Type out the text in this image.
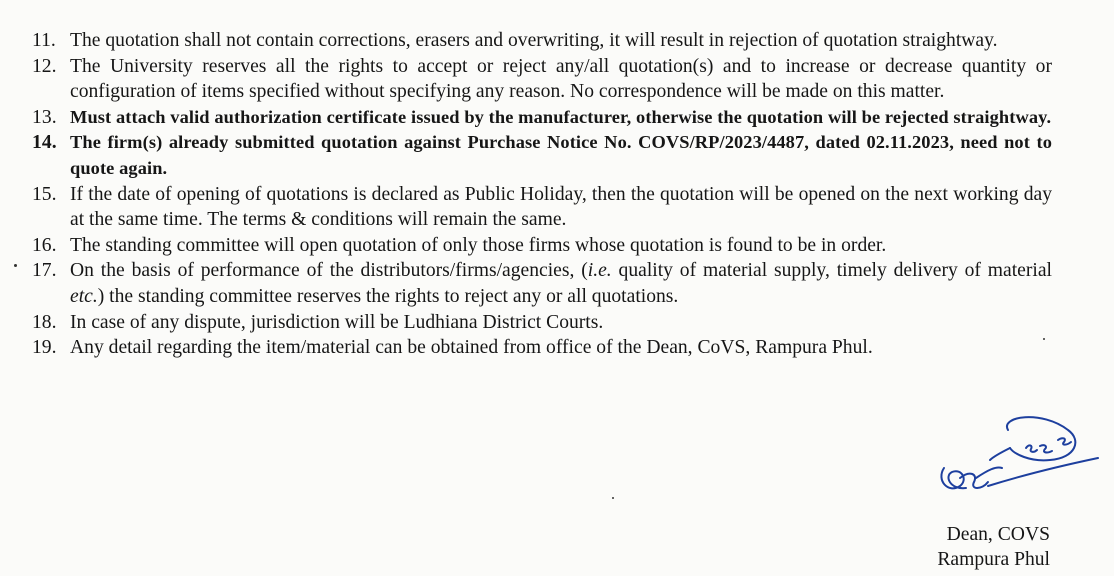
11. The quotation shall not contain corrections, erasers and overwriting, it will result in rejection of quotation straightway.
12. The University reserves all the rights to accept or reject any/all quotation(s) and to increase or decrease quantity or configuration of items specified without specifying any reason. No correspondence will be made on this matter.
13. Must attach valid authorization certificate issued by the manufacturer, otherwise the quotation will be rejected straightway.
14. The firm(s) already submitted quotation against Purchase Notice No. COVS/RP/2023/4487, dated 02.11.2023, need not to quote again.
15. If the date of opening of quotations is declared as Public Holiday, then the quotation will be opened on the next working day at the same time. The terms & conditions will remain the same.
16. The standing committee will open quotation of only those firms whose quotation is found to be in order.
17. On the basis of performance of the distributors/firms/agencies, (i.e. quality of material supply, timely delivery of material etc.) the standing committee reserves the rights to reject any or all quotations.
18. In case of any dispute, jurisdiction will be Ludhiana District Courts.
19. Any detail regarding the item/material can be obtained from office of the Dean, CoVS, Rampura Phul.
Dean, COVS
Rampura Phul
